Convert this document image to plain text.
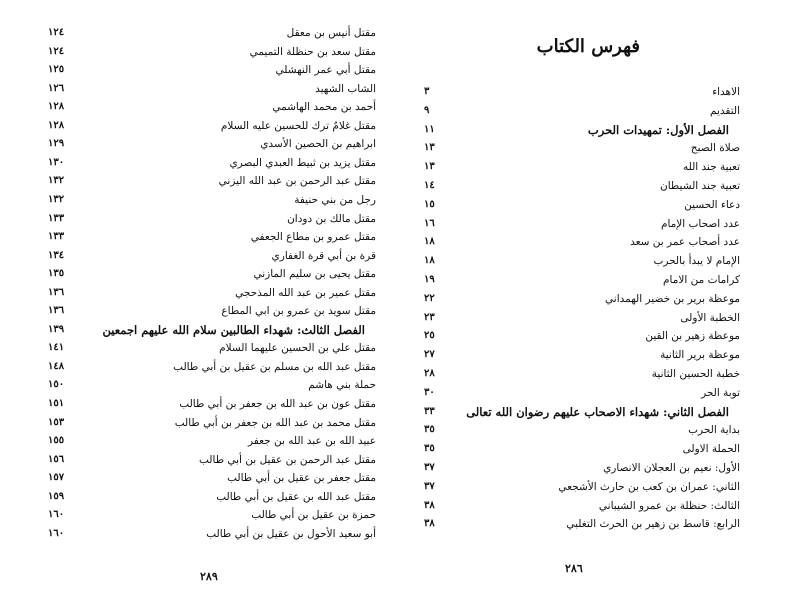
مقتل أنيس بن معقل
١٢٤
مقتل سعد بن حنظلة التميمي
١٢٤
مقتل أبي عمر النهشلي
١٢٥
الشاب الشهيد
١٢٦
أحمد بن محمد الهاشمي
١٢٨
مقتل غلامٌ ترك للحسين عليه السلام
١٢٨
ابراهيم بن الحصين الأسدي
١٢٩
مقتل يزيد بن ثبيط العبدي البصري
١٣٠
مقتل عبد الرحمن بن عبد الله اليزني
١٣٢
رجل من بني حنيفة
١٣٢
مقتل مالك بن دودان
١٣٣
مقتل عمرو بن مطاع الجعفي
١٣٣
قرة بن أبي قرة الغفاري
١٣٤
مقتل يحيى بن سليم المازني
١٣٥
مقتل عمير بن عبد الله المذحجي
١٣٦
مقتل سويد بن عمرو بن ابي المطاع
١٣٦
الفصل الثالث: شهداء الطالبين سلام الله عليهم اجمعين
١٣٩
مقتل علي بن الحسين عليهما السلام
١٤١
مقتل عبد الله بن مسلم بن عقيل بن أبي طالب
١٤٨
حملة بني هاشم
١٥٠
مقتل عون بن عبد الله بن جعفر بن أبي طالب
١٥١
مقتل محمد بن عبد الله بن جعفر بن أبي طالب
١٥٣
عبيد الله بن عبد الله بن جعفر
١٥٥
مقتل عبد الرحمن بن عقيل بن أبي طالب
١٥٦
مقتل جعفر بن عقيل بن أبي طالب
١٥٧
مقتل عبد الله بن عقيل بن أبي طالب
١٥٩
حمزة بن عقيل بن أبي طالب
١٦٠
أبو سعيد الأحول بن عقيل بن أبي طالب
١٦٠
٢٨٩
فهرس الكتاب
الاهداء
٣
التقديم
٩
الفصل الأول: تمهيدات الحرب
١١
صلاة الصبح
١٣
تعبية جند الله
١٣
تعبية جند الشيطان
١٤
دعاء الحسين
١٥
عدد اصحاب الإمام
١٦
عدد أصحاب عمر بن سعد
١٨
الإمام لا يبدأ بالحرب
١٨
كرامات من الامام
١٩
موعظة برير بن خضير الهمداني
٢٢
الخطبة الأولى
٢٣
موعظة زهير بن القين
٢٥
موعظة برير الثانية
٢٧
خطبة الحسين الثانية
٢٨
توبة الحر
٣٠
الفصل الثاني: شهداء الاصحاب عليهم رضوان الله تعالى
٣٣
بداية الحرب
٣٥
الحملة الاولى
٣٥
الأول: نعيم بن العجلان الانصاري
٣٧
الثاني: عمران بن كعب بن حارث الأشجعي
٣٧
الثالث: حنظلة بن عمرو الشيباني
٣٨
الرابع: قاسط بن زهير بن الحرث التغلبي
٣٨
٢٨٦
